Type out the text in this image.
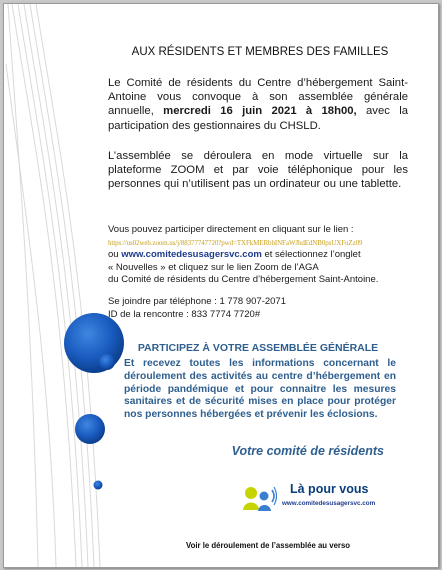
AUX RÉSIDENTS ET MEMBRES DES FAMILLES
Le Comité de résidents du Centre d’hébergement Saint-Antoine vous convoque à son assemblée générale annuelle, mercredi 16 juin 2021 à 18h00, avec la participation des gestionnaires du CHSLD.
L’assemblée se déroulera en mode virtuelle sur la plateforme ZOOM et par voie téléphonique pour les personnes qui n’utilisent pas un ordinateur ou une tablette.
Vous pouvez participer directement en cliquant sur le lien :
https://us02web.zoom.us/j/88377747720?pwd=TXFkMERbbINFaWJhdEdNB0psUXFuZz09
ou www.comitedesusagersvc.com et sélectionnez l’onglet
« Nouvelles » et cliquez sur le lien Zoom de l’AGA
du Comité de résidents du Centre d’hébergement Saint-Antoine.
Se joindre par téléphone : 1 778 907-2071
ID de la rencontre : 833 7774 7720#
PARTICIPEZ À VOTRE ASSEMBLÉE GÉNÉRALE
Et recevez toutes les informations concernant le déroulement des activités au centre d’hébergement en période pandémique et pour connaitre les mesures sanitaires et de sécurité mises en place pour protéger nos personnes hébergées et prévenir les éclosions.
Votre comité de résidents
Là pour vous
www.comitedesusagersvc.com
Voir le déroulement de l’assemblée au verso
